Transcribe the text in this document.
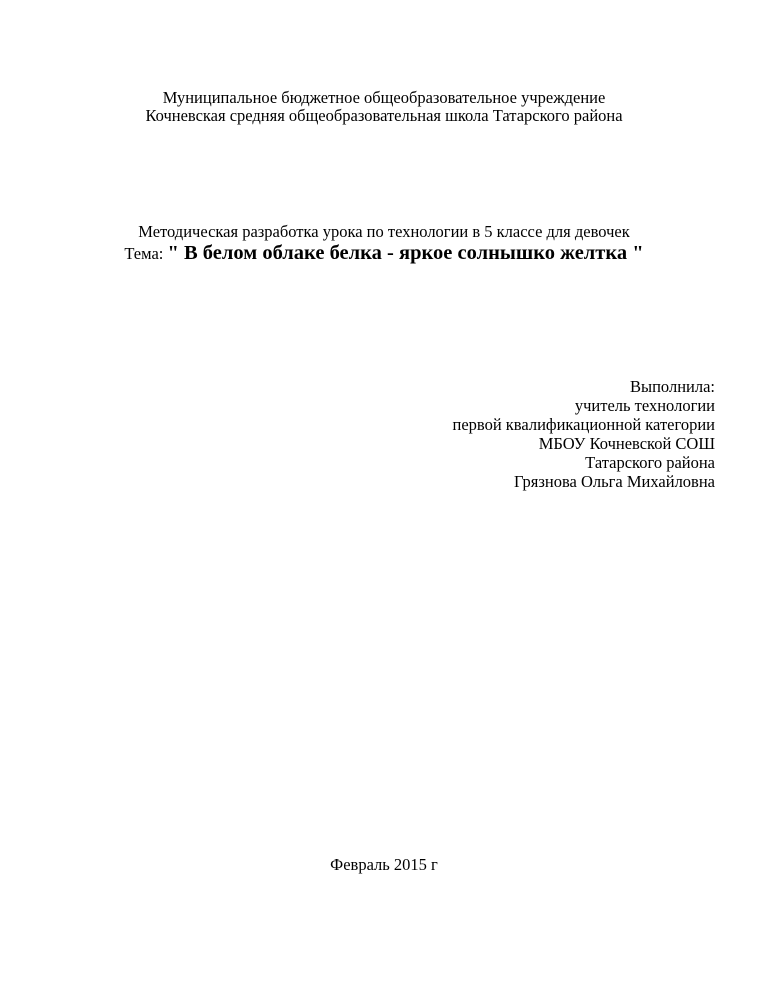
Муниципальное бюджетное общеобразовательное учреждение
Кочневская средняя общеобразовательная школа Татарского района
Методическая разработка урока по технологии в 5 классе для девочек
Тема: " В белом облаке белка - яркое солнышко желтка "
Выполнила:
учитель технологии
первой квалификационной категории
МБОУ Кочневской СОШ
Татарского района
Грязнова Ольга Михайловна
Февраль 2015 г
